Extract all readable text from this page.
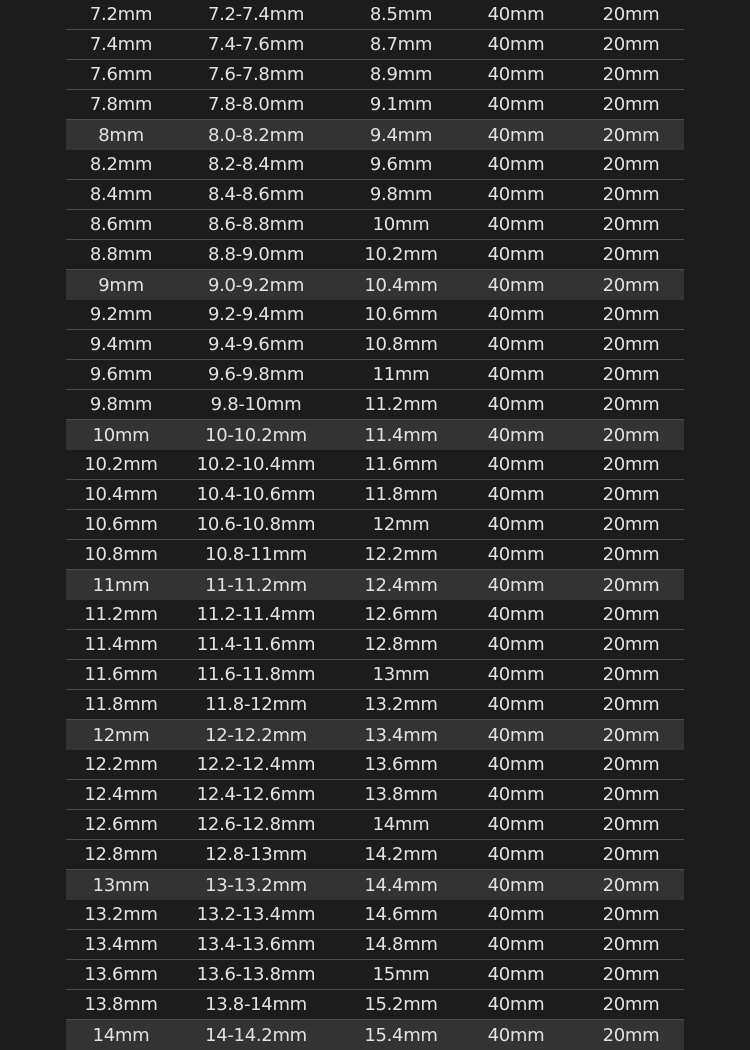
7.2mm	7.2-7.4mm	8.5mm	40mm	20mm
7.4mm	7.4-7.6mm	8.7mm	40mm	20mm
7.6mm	7.6-7.8mm	8.9mm	40mm	20mm
7.8mm	7.8-8.0mm	9.1mm	40mm	20mm
8mm	8.0-8.2mm	9.4mm	40mm	20mm
8.2mm	8.2-8.4mm	9.6mm	40mm	20mm
8.4mm	8.4-8.6mm	9.8mm	40mm	20mm
8.6mm	8.6-8.8mm	10mm	40mm	20mm
8.8mm	8.8-9.0mm	10.2mm	40mm	20mm
9mm	9.0-9.2mm	10.4mm	40mm	20mm
9.2mm	9.2-9.4mm	10.6mm	40mm	20mm
9.4mm	9.4-9.6mm	10.8mm	40mm	20mm
9.6mm	9.6-9.8mm	11mm	40mm	20mm
9.8mm	9.8-10mm	11.2mm	40mm	20mm
10mm	10-10.2mm	11.4mm	40mm	20mm
10.2mm	10.2-10.4mm	11.6mm	40mm	20mm
10.4mm	10.4-10.6mm	11.8mm	40mm	20mm
10.6mm	10.6-10.8mm	12mm	40mm	20mm
10.8mm	10.8-11mm	12.2mm	40mm	20mm
11mm	11-11.2mm	12.4mm	40mm	20mm
11.2mm	11.2-11.4mm	12.6mm	40mm	20mm
11.4mm	11.4-11.6mm	12.8mm	40mm	20mm
11.6mm	11.6-11.8mm	13mm	40mm	20mm
11.8mm	11.8-12mm	13.2mm	40mm	20mm
12mm	12-12.2mm	13.4mm	40mm	20mm
12.2mm	12.2-12.4mm	13.6mm	40mm	20mm
12.4mm	12.4-12.6mm	13.8mm	40mm	20mm
12.6mm	12.6-12.8mm	14mm	40mm	20mm
12.8mm	12.8-13mm	14.2mm	40mm	20mm
13mm	13-13.2mm	14.4mm	40mm	20mm
13.2mm	13.2-13.4mm	14.6mm	40mm	20mm
13.4mm	13.4-13.6mm	14.8mm	40mm	20mm
13.6mm	13.6-13.8mm	15mm	40mm	20mm
13.8mm	13.8-14mm	15.2mm	40mm	20mm
14mm	14-14.2mm	15.4mm	40mm	20mm
